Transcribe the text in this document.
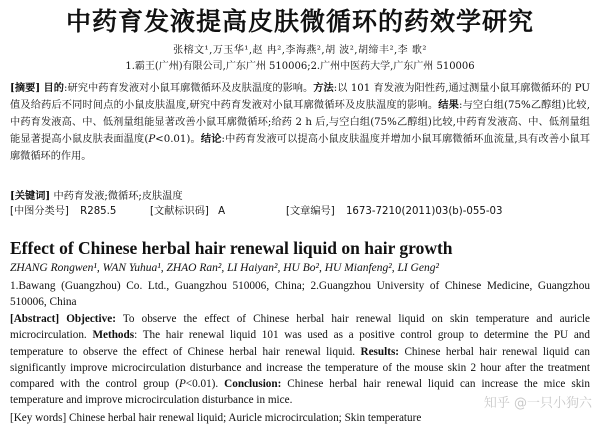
中药育发液提高皮肤微循环的药效学研究
张榕文¹,万玉华¹,赵 冉²,李海燕²,胡 波²,胡缔丰²,李 歌²
1.霸王(广州)有限公司,广东广州 510006;2.广州中医药大学,广东广州 510006

[摘要] 目的:研究中药育发液对小鼠耳廓微循环及皮肤温度的影响。方法:以 101 育发液为阳性药,通过测量小鼠耳廓微循环的 PU 值及给药后不同时间点的小鼠皮肤温度,研究中药育发液对小鼠耳廓微循环及皮肤温度的影响。结果:与空白组(75%乙醇组)比较,中药育发液高、中、低剂量组能显著改善小鼠耳廓微循环;给药 2 h 后,与空白组(75%乙醇组)比较,中药育发液高、中、低剂量组能显著提高小鼠皮肤表面温度(P<0.01)。结论:中药育发液可以提高小鼠皮肤温度并增加小鼠耳廓微循环血流量,具有改善小鼠耳廓微循环的作用。

[关键词] 中药育发液;微循环;皮肤温度
[中图分类号] R285.5	[文献标识码] A	[文章编号] 1673-7210(2011)03(b)-055-03
Effect of Chinese herbal hair renewal liquid on hair growth
ZHANG Rongwen¹, WAN Yuhua¹, ZHAO Ran², LI Haiyan², HU Bo², HU Mianfeng², LI Geng²
1.Bawang (Guangzhou) Co. Ltd., Guangzhou 510006, China; 2.Guangzhou University of Chinese Medicine, Guangzhou 510006, China

[Abstract] Objective: To observe the effect of Chinese herbal hair renewal liquid on skin temperature and auricle microcirculation. Methods: The hair renewal liquid 101 was used as a positive control group to determine the PU and temperature to observe the effect of Chinese herbal hair renewal liquid. Results: Chinese herbal hair renewal liquid can significantly improve microcirculation disturbance and increase the temperature of the mouse skin 2 hour after the treatment compared with the control group (P<0.01). Conclusion: Chinese herbal hair renewal liquid can increase the mice skin temperature and improve microcirculation disturbance in mice.

[Key words] Chinese herbal hair renewal liquid; Auricle microcirculation; Skin temperature
知乎 @一只小狗六
